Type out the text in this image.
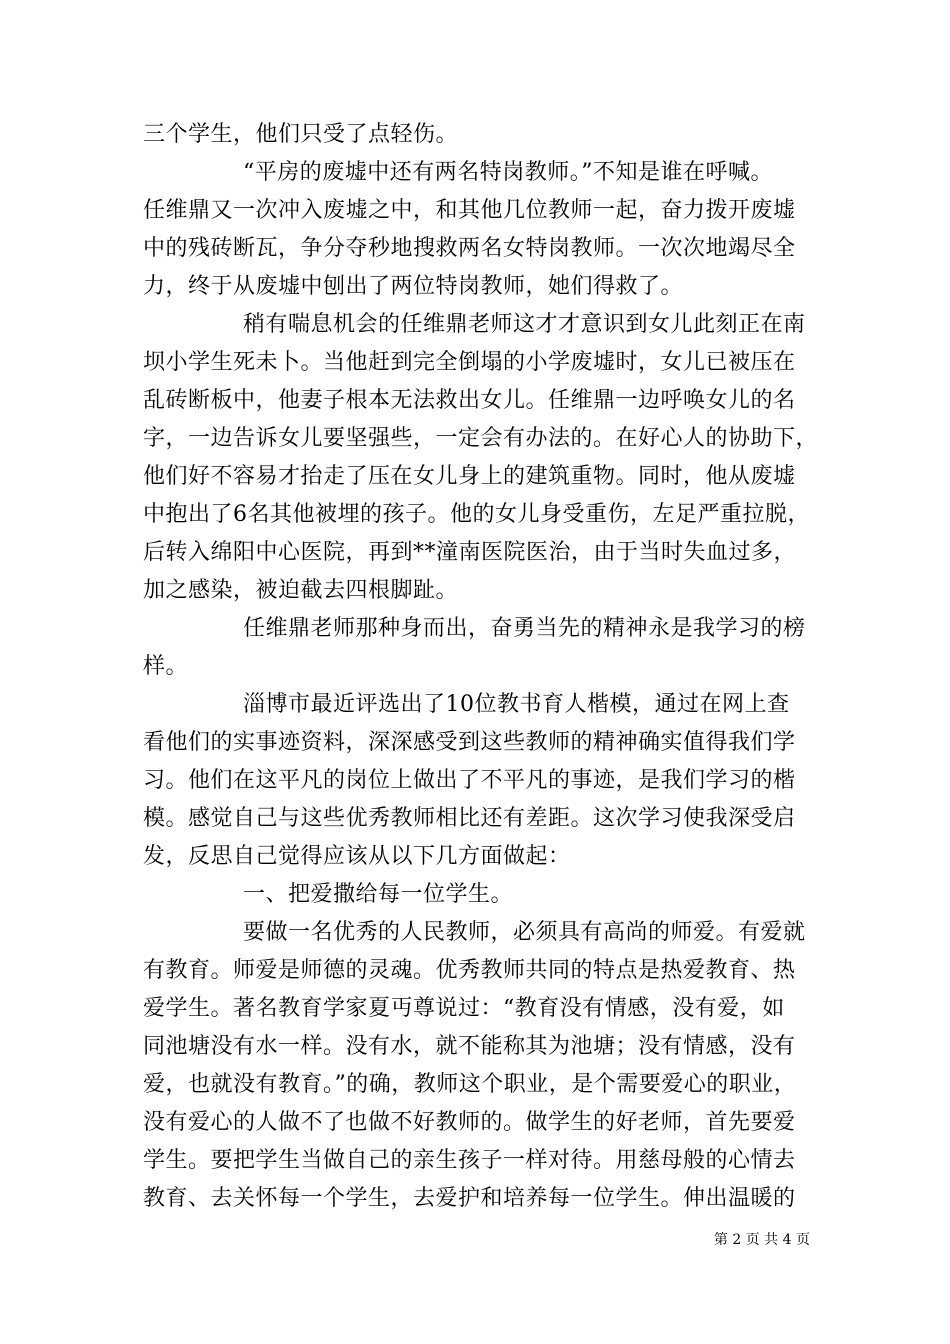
三个学生，他们只受了点轻伤。
“平房的废墟中还有两名特岗教师。”不知是谁在呼喊。
任维鼎又一次冲入废墟之中，和其他几位教师一起，奋力拨开废墟
中的残砖断瓦，争分夺秒地搜救两名女特岗教师。一次次地竭尽全
力，终于从废墟中刨出了两位特岗教师，她们得救了。
稍有喘息机会的任维鼎老师这才才意识到女儿此刻正在南
坝小学生死未卜。当他赶到完全倒塌的小学废墟时，女儿已被压在
乱砖断板中，他妻子根本无法救出女儿。任维鼎一边呼唤女儿的名
字，一边告诉女儿要坚强些，一定会有办法的。在好心人的协助下，
他们好不容易才抬走了压在女儿身上的建筑重物。同时，他从废墟
中抱出了6名其他被埋的孩子。他的女儿身受重伤，左足严重拉脱，
后转入绵阳中心医院，再到**潼南医院医治，由于当时失血过多，
加之感染，被迫截去四根脚趾。
任维鼎老师那种身而出，奋勇当先的精神永是我学习的榜
样。
淄博市最近评选出了10位教书育人楷模，通过在网上查
看他们的实事迹资料，深深感受到这些教师的精神确实值得我们学
习。他们在这平凡的岗位上做出了不平凡的事迹，是我们学习的楷
模。感觉自己与这些优秀教师相比还有差距。这次学习使我深受启
发，反思自己觉得应该从以下几方面做起：
一、把爱撒给每一位学生。
要做一名优秀的人民教师，必须具有高尚的师爱。有爱就
有教育。师爱是师德的灵魂。优秀教师共同的特点是热爱教育、热
爱学生。著名教育学家夏丏尊说过：“教育没有情感，没有爱，如
同池塘没有水一样。没有水，就不能称其为池塘；没有情感，没有
爱，也就没有教育。”的确，教师这个职业，是个需要爱心的职业，
没有爱心的人做不了也做不好教师的。做学生的好老师，首先要爱
学生。要把学生当做自己的亲生孩子一样对待。用慈母般的心情去
教育、去关怀每一个学生，去爱护和培养每一位学生。伸出温暖的
第 2 页 共 4 页
